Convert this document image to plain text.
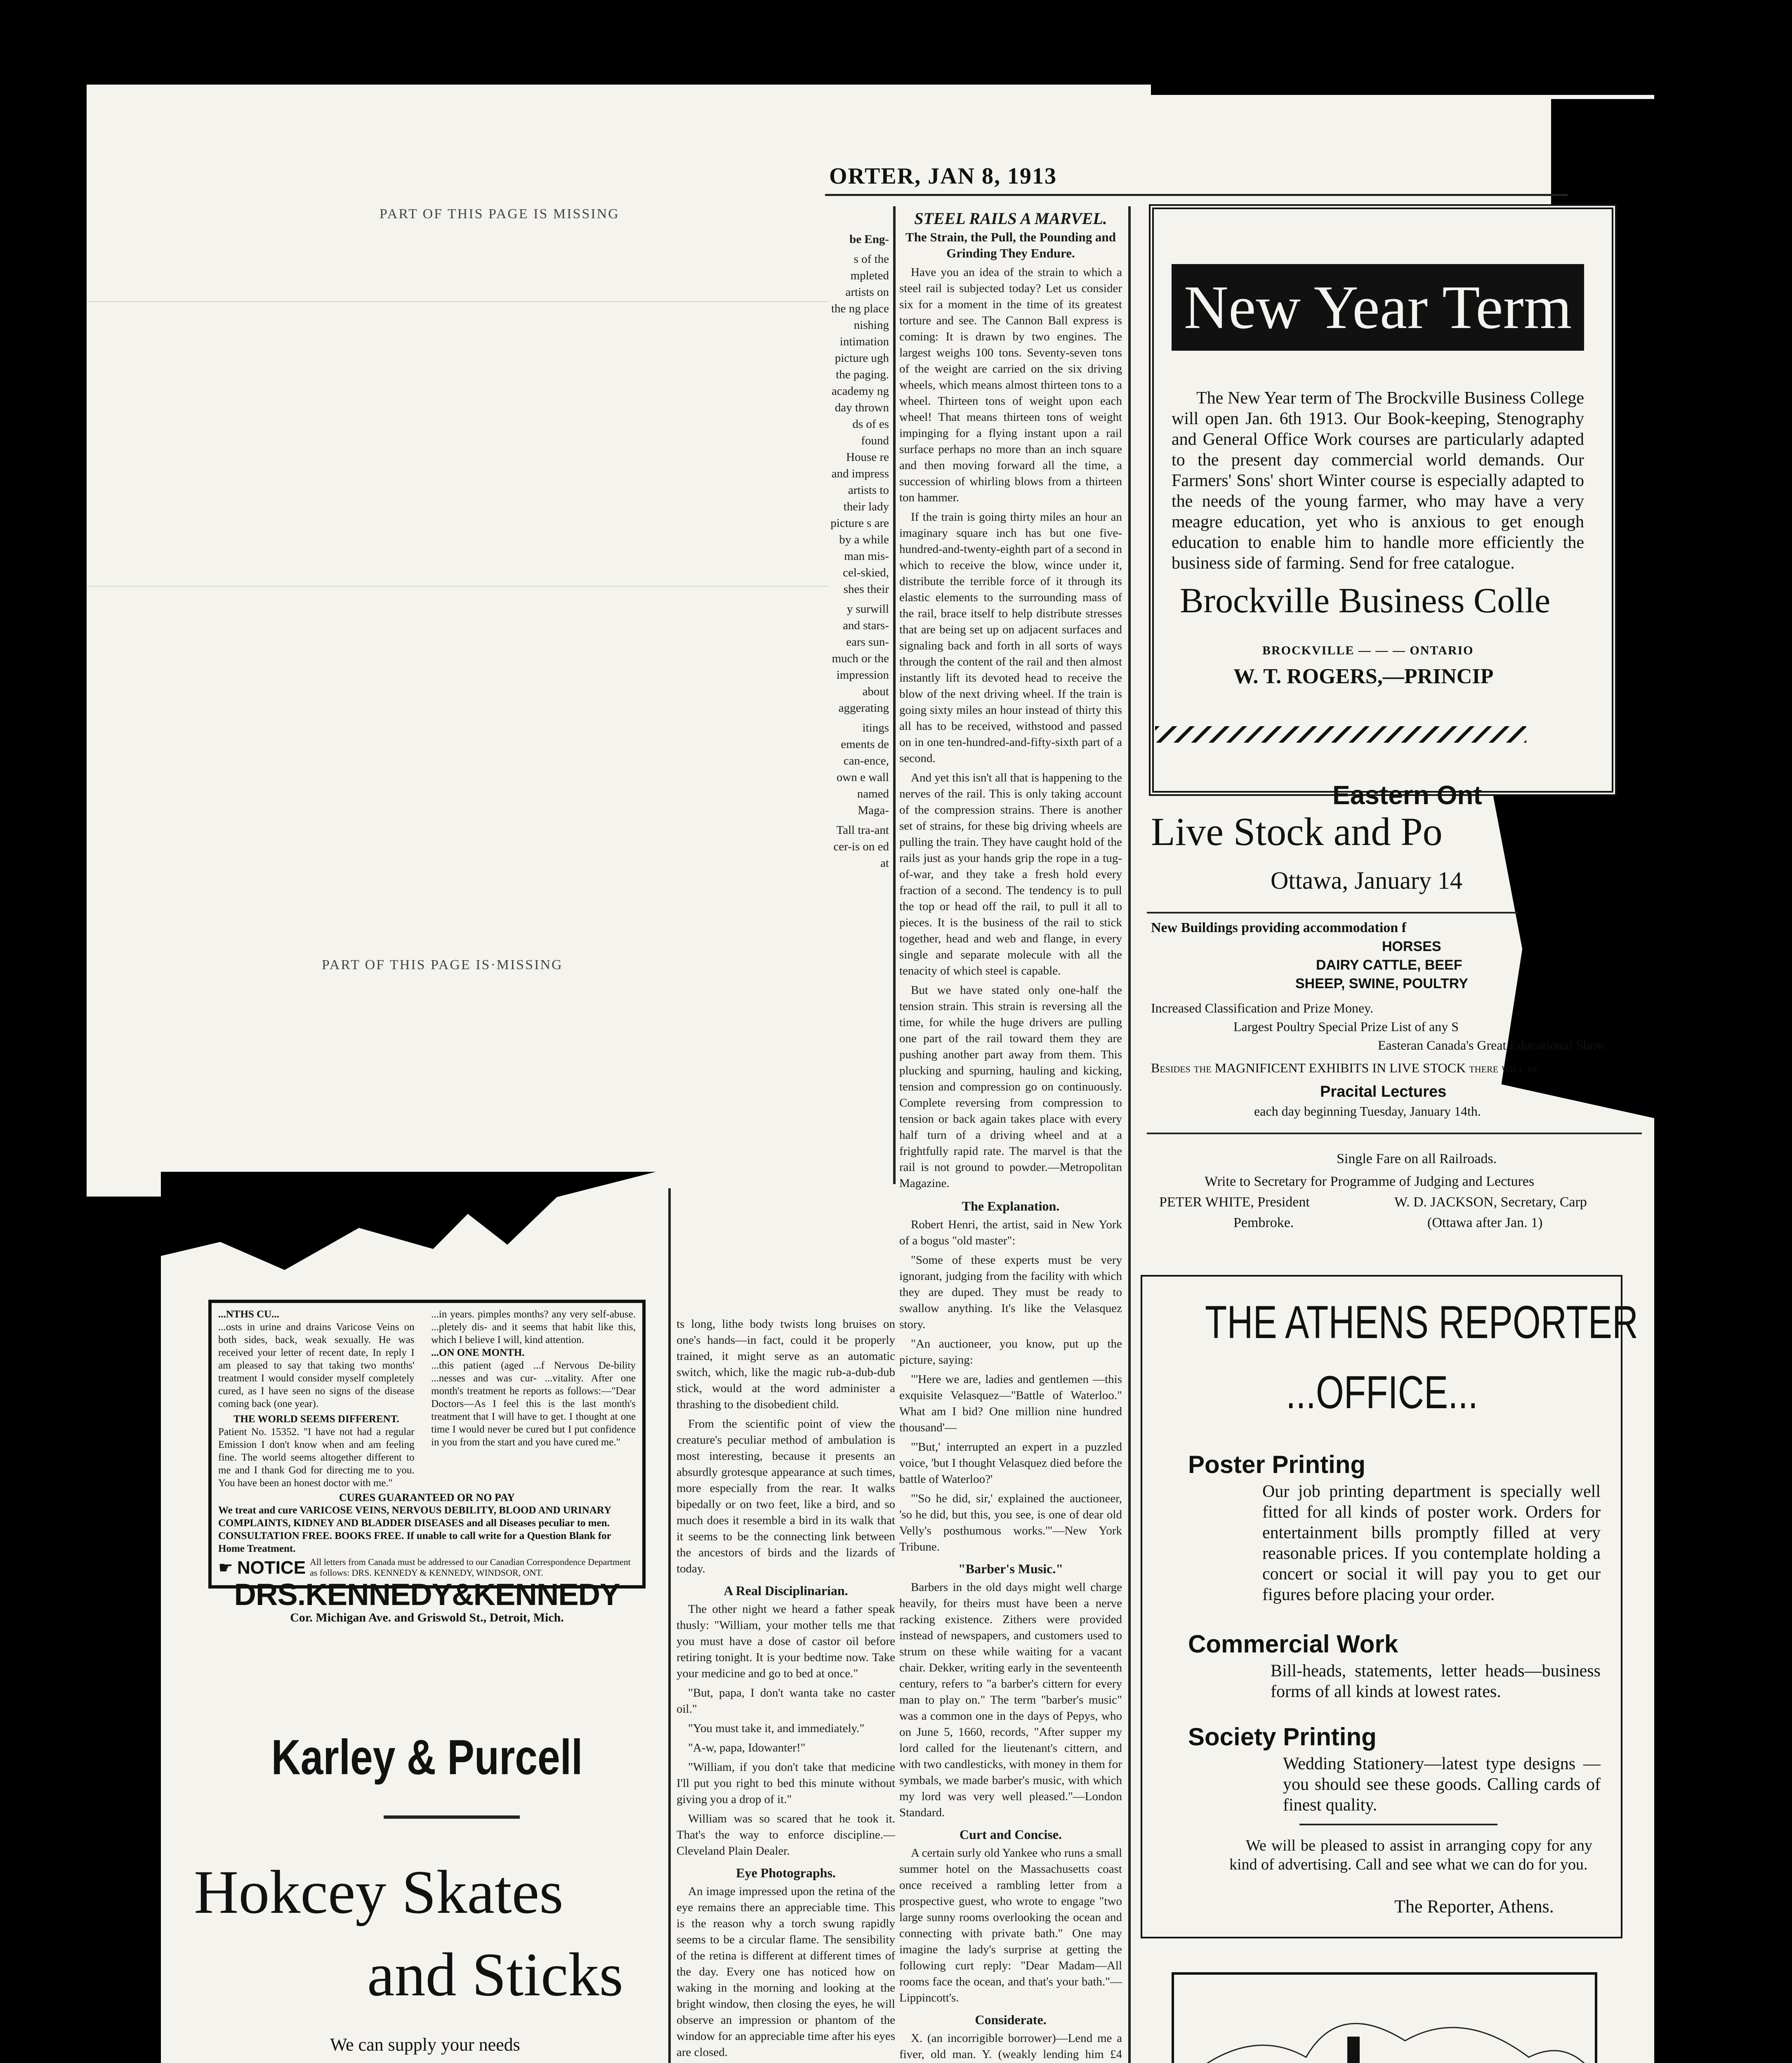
PART OF THIS PAGE IS MISSING
PART OF THIS PAGE IS·MISSING
ORTER, JAN 8, 1913

be Eng-

s of the mpleted artists on the ng place nishing intimation picture ugh the paging. academy ng day thrown ds of es found House re and impress artists to their lady picture s are by a while man mis-cel-skied, shes their

y surwill and stars-ears sun-much or the impression about aggerating

itings ements de can-ence, own e wall named Maga-

Tall tra-ant cer-is on ed at

STEEL RAILS A MARVEL.
The Strain, the Pull, the Pounding and Grinding They Endure.

Have you an idea of the strain to which a steel rail is subjected today? Let us consider six for a moment in the time of its greatest torture and see. The Cannon Ball express is coming: It is drawn by two engines. The largest weighs 100 tons. Seventy-seven tons of the weight are carried on the six driving wheels, which means almost thirteen tons to a wheel. Thirteen tons of weight upon each wheel! That means thirteen tons of weight impinging for a flying instant upon a rail surface perhaps no more than an inch square and then moving forward all the time, a succession of whirling blows from a thirteen ton hammer.

If the train is going thirty miles an hour an imaginary square inch has but one five-hundred-and-twenty-eighth part of a second in which to receive the blow, wince under it, distribute the terrible force of it through its elastic elements to the surrounding mass of the rail, brace itself to help distribute stresses that are being set up on adjacent surfaces and signaling back and forth in all sorts of ways through the content of the rail and then almost instantly lift its devoted head to receive the blow of the next driving wheel. If the train is going sixty miles an hour instead of thirty this all has to be received, withstood and passed on in one ten-hundred-and-fifty-sixth part of a second.

And yet this isn't all that is happening to the nerves of the rail. This is only taking account of the compression strains. There is another set of strains, for these big driving wheels are pulling the train. They have caught hold of the rails just as your hands grip the rope in a tug-of-war, and they take a fresh hold every fraction of a second. The tendency is to pull the top or head off the rail, to pull it all to pieces. It is the business of the rail to stick together, head and web and flange, in every single and separate molecule with all the tenacity of which steel is capable.

But we have stated only one-half the tension strain. This strain is reversing all the time, for while the huge drivers are pulling one part of the rail toward them they are pushing another part away from them. This plucking and spurning, hauling and kicking, tension and compression go on continuously. Complete reversing from compression to tension or back again takes place with every half turn of a driving wheel and at a frightfully rapid rate. The marvel is that the rail is not ground to powder.—Metropolitan Magazine.

The Explanation.

Robert Henri, the artist, said in New York of a bogus "old master":

"Some of these experts must be very ignorant, judging from the facility with which they are duped. They must be ready to swallow anything. It's like the Velasquez story.

"An auctioneer, you know, put up the picture, saying:

"'Here we are, ladies and gentlemen —this exquisite Velasquez—"Battle of Waterloo." What am I bid? One million nine hundred thousand'—

"'But,' interrupted an expert in a puzzled voice, 'but I thought Velasquez died before the battle of Waterloo?'

"'So he did, sir,' explained the auctioneer, 'so he did, but this, you see, is one of dear old Velly's posthumous works.'"—New York Tribune.

"Barber's Music."

Barbers in the old days might well charge heavily, for theirs must have been a nerve racking existence. Zithers were provided instead of newspapers, and customers used to strum on these while waiting for a vacant chair. Dekker, writing early in the seventeenth century, refers to "a barber's cittern for every man to play on." The term "barber's music" was a common one in the days of Pepys, who on June 5, 1660, records, "After supper my lord called for the lieutenant's cittern, and with two candlesticks, with money in them for symbals, we made barber's music, with which my lord was very well pleased."—London Standard.

Curt and Concise.

A certain surly old Yankee who runs a small summer hotel on the Massachusetts coast once received a rambling letter from a prospective guest, who wrote to engage "two large sunny rooms overlooking the ocean and connecting with private bath." One may imagine the lady's surprise at getting the following curt reply: "Dear Madam—All rooms face the ocean, and that's your bath."—Lippincott's.

Considerate.

X. (an incorrigible borrower)—Lend me a fiver, old man. Y. (weakly lending him £4

ts long, lithe body twists long bruises on one's hands—in fact, could it be properly trained, it might serve as an automatic switch, which, like the magic rub-a-dub-dub stick, would at the word administer a thrashing to the disobedient child.

From the scientific point of view the creature's peculiar method of ambulation is most interesting, because it presents an absurdly grotesque appearance at such times, more especially from the rear. It walks bipedally or on two feet, like a bird, and so much does it resemble a bird in its walk that it seems to be the connecting link between the ancestors of birds and the lizards of today.

A Real Disciplinarian.

The other night we heard a father speak thusly: "William, your mother tells me that you must have a dose of castor oil before retiring tonight. It is your bedtime now. Take your medicine and go to bed at once."

"But, papa, I don't wanta take no caster oil."

"You must take it, and immediately."

"A-w, papa, Idowanter!"

"William, if you don't take that medicine I'll put you right to bed this minute without giving you a drop of it."

William was so scared that he took it. That's the way to enforce discipline.—Cleveland Plain Dealer.

Eye Photographs.

An image impressed upon the retina of the eye remains there an appreciable time. This is the reason why a torch swung rapidly seems to be a circular flame. The sensibility of the retina is different at different times of the day. Every one has noticed how on waking in the morning and looking at the bright window, then closing the eyes, he will observe an impression or phantom of the window for an appreciable time after his eyes are closed.

...NTHS CU...
...osts in urine and drains Varicose Veins on both sides, back, weak sexually. He was received your letter of recent date, In reply I am pleased to say that taking two months' treatment I would consider myself completely cured, as I have seen no signs of the disease coming back (one year).
THE WORLD SEEMS DIFFERENT.
Patient No. 15352. "I have not had a regular Emission I don't know when and am feeling fine. The world seems altogether different to me and I thank God for directing me to you. You have been an honest doctor with me."
...in years. pimples months? any very self-abuse. ...pletely dis- and it seems that habit like this, which I believe I will, kind attention.
...ON ONE MONTH.
...this patient (aged ...f Nervous De-bility ...nesses and was cur- ...vitality. After one month's treatment he reports as follows:—"Dear Doctors—As I feel this is the last month's treatment that I will have to get. I thought at one time I would never be cured but I put confidence in you from the start and you have cured me."
CURES GUARANTEED OR NO PAY
We treat and cure VARICOSE VEINS, NERVOUS DEBILITY, BLOOD AND URINARY COMPLAINTS, KIDNEY AND BLADDER DISEASES and all Diseases peculiar to men.
CONSULTATION FREE. BOOKS FREE. If unable to call write for a Question Blank for Home Treatment.
☛ NOTICE All letters from Canada must be addressed to our Canadian Correspondence Department as follows: DRS. KENNEDY & KENNEDY, WINDSOR, ONT.
DRS.KENNEDY&KENNEDY
Cor. Michigan Ave. and Griswold St., Detroit, Mich.
Karley & Purcell
Hokcey Skates
and Sticks
We can supply your needs
New Year Term
The New Year term of The Brockville Business College will open Jan. 6th 1913. Our Book-keeping, Stenography and General Office Work courses are particularly adapted to the present day commercial world demands. Our Farmers' Sons' short Winter course is especially adapted to the needs of the young farmer, who may have a very meagre education, yet who is anxious to get enough education to enable him to handle more efficiently the business side of farming. Send for free catalogue.
Brockville Business Colle
BROCKVILLE — — — ONTARIO
W. T. ROGERS,—PRINCIP
Eastern Ont
Live Stock and Po
Ottawa, January 14
New Buildings providing accommodation f
HORSES
DAIRY CATTLE, BEEF
SHEEP, SWINE, POULTRY
Increased Classification and Prize Money.
Largest Poultry Special Prize List of any S
Easteran Canada's Great Educational Show
Besides the MAGNIFICENT EXHIBITS IN LIVE STOCK there will be
Pracital Lectures
each day beginning Tuesday, January 14th.
Single Fare on all Railroads.
Write to Secretary for Programme of Judging and Lectures
PETER WHITE, President	W. D. JACKSON, Secretary, Carp
Pembroke.	(Ottawa after Jan. 1)
THE ATHENS REPORTER
...OFFICE...
Poster Printing
Our job printing department is specially well fitted for all kinds of poster work. Orders for entertainment bills promptly filled at very reasonable prices. If you contemplate holding a concert or social it will pay you to get our figures before placing your order.
Commercial Work
Bill-heads, statements, letter heads—business forms of all kinds at lowest rates.
Society Printing
Wedding Stationery—latest type designs —you should see these goods. Calling cards of finest quality.
We will be pleased to assist in arranging copy for any kind of advertising. Call and see what we can do for you.
The Reporter, Athens.
